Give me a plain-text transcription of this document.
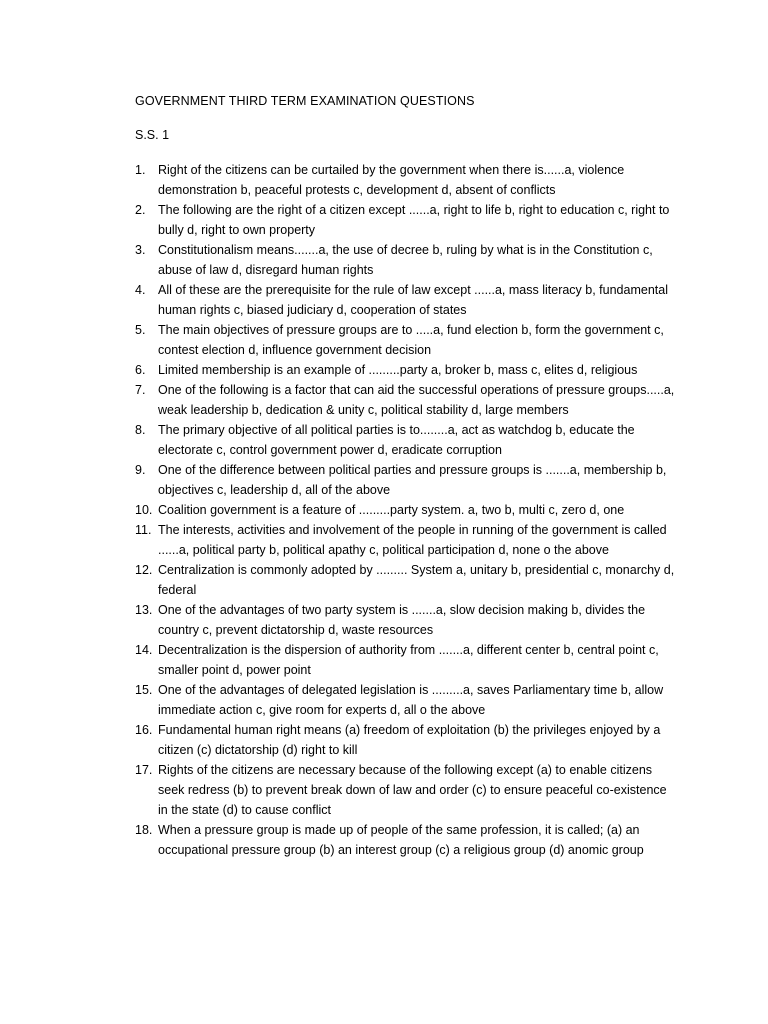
GOVERNMENT THIRD TERM EXAMINATION QUESTIONS
S.S. 1
1. Right of the citizens can be curtailed by the government when there is......a, violence demonstration b, peaceful protests c, development d, absent of conflicts
2. The following are the right of a citizen except ......a, right to life b, right to education c, right to bully d, right to own property
3. Constitutionalism means.......a, the use of decree b, ruling by what is in the Constitution c, abuse of law d, disregard human rights
4. All of these are the prerequisite for the rule of law except ......a, mass literacy b, fundamental human rights c, biased judiciary d, cooperation of states
5. The main objectives of pressure groups are to .....a, fund election b, form the government c, contest election d, influence government decision
6. Limited membership is an example of .........party a, broker b, mass c, elites d, religious
7. One of the following is a factor that can aid the successful operations of pressure groups.....a, weak leadership b, dedication & unity c, political stability d, large members
8. The primary objective of all political parties is to........a, act as watchdog b, educate the electorate c, control government power d, eradicate corruption
9. One of the difference between political parties and pressure groups is .......a, membership b, objectives c, leadership d, all of the above
10. Coalition government is a feature of .........party system. a, two b, multi c, zero d, one
11. The interests, activities and involvement of the people in running of the government is called ......a, political party b, political apathy c, political participation d, none o the above
12. Centralization is commonly adopted by ......... System a, unitary b, presidential c, monarchy d, federal
13. One of the advantages of two party system is .......a, slow decision making b, divides the country c, prevent dictatorship d, waste resources
14. Decentralization is the dispersion of authority from .......a, different center b, central point c, smaller point d, power point
15. One of the advantages of delegated legislation is .........a, saves Parliamentary time b, allow immediate action c, give room for experts d, all o the above
16. Fundamental human right means (a) freedom of exploitation (b) the privileges enjoyed by a citizen (c) dictatorship (d) right to kill
17. Rights of the citizens are necessary because of the following except (a) to enable citizens seek redress (b) to prevent break down of law and order (c) to ensure peaceful co-existence in the state (d) to cause conflict
18. When a pressure group is made up of people of the same profession, it is called; (a) an occupational pressure group (b) an interest group (c) a religious group (d) anomic group
